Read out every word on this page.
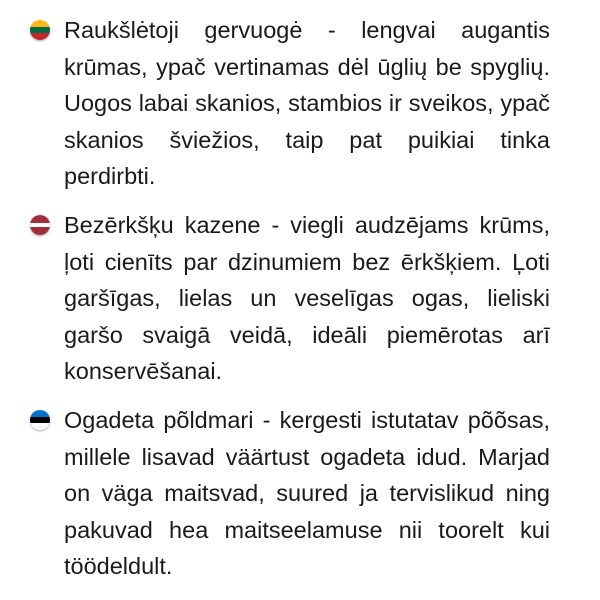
Raukšlėtoji gervuogė - lengvai augantis krūmas, ypač vertinamas dėl ūglių be spyglių. Uogos labai skanios, stambios ir sveikos, ypač skanios šviežios, taip pat puikiai tinka perdirbti.
Bezērkšķu kazene - viegli audzējams krūms, ļoti cienīts par dzinumiem bez ērkšķiem. Ļoti garšīgas, lielas un veselīgas ogas, lieliski garšo svaigā veidā, ideāli piemērotas arī konservēšanai.
Ogadeta põldmari - kergesti istutatav põõsas, millele lisavad väärtust ogadeta idud. Marjad on väga maitsvad, suured ja tervislikud ning pakuvad hea maitseelamuse nii toorelt kui töödeldult.
